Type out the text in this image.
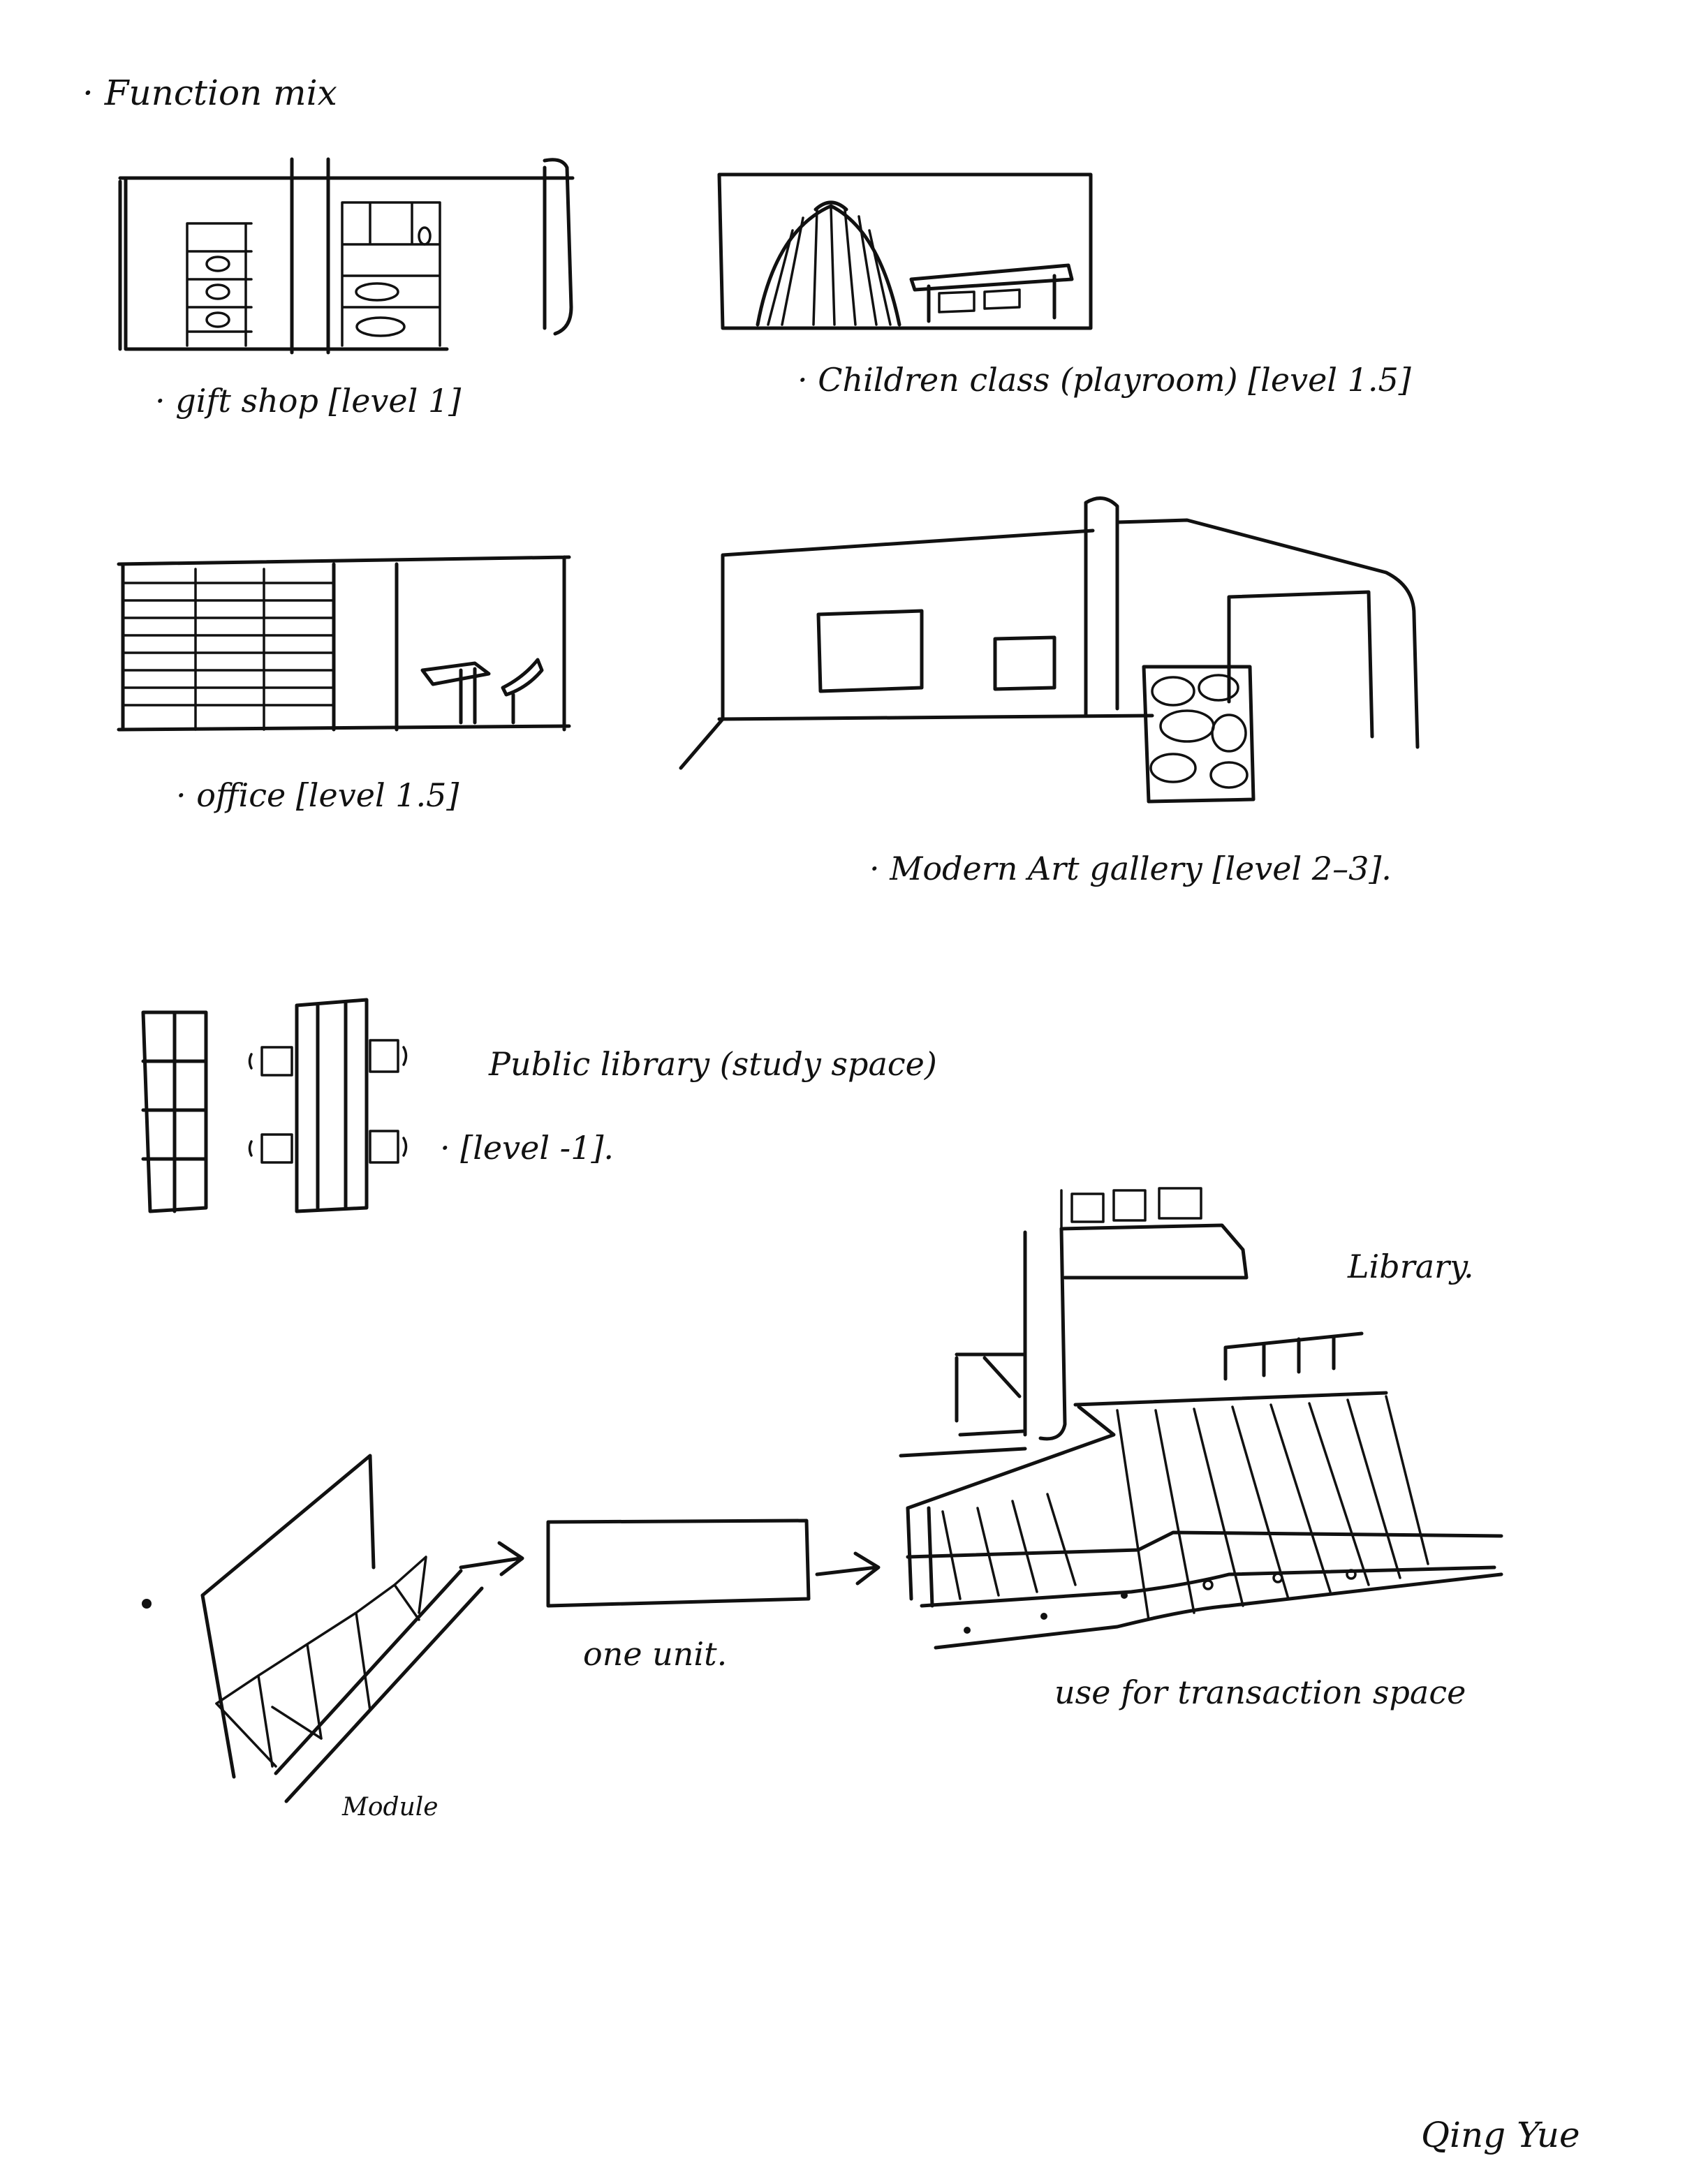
· Function mix
· gift shop [level 1]
· Children class (playroom) [level 1.5]
· office [level 1.5]
· Modern Art gallery [level 2–3].
Public library (study space)
· [level -1].
Library.
Module
one unit.
use for transaction space
Qing Yue
